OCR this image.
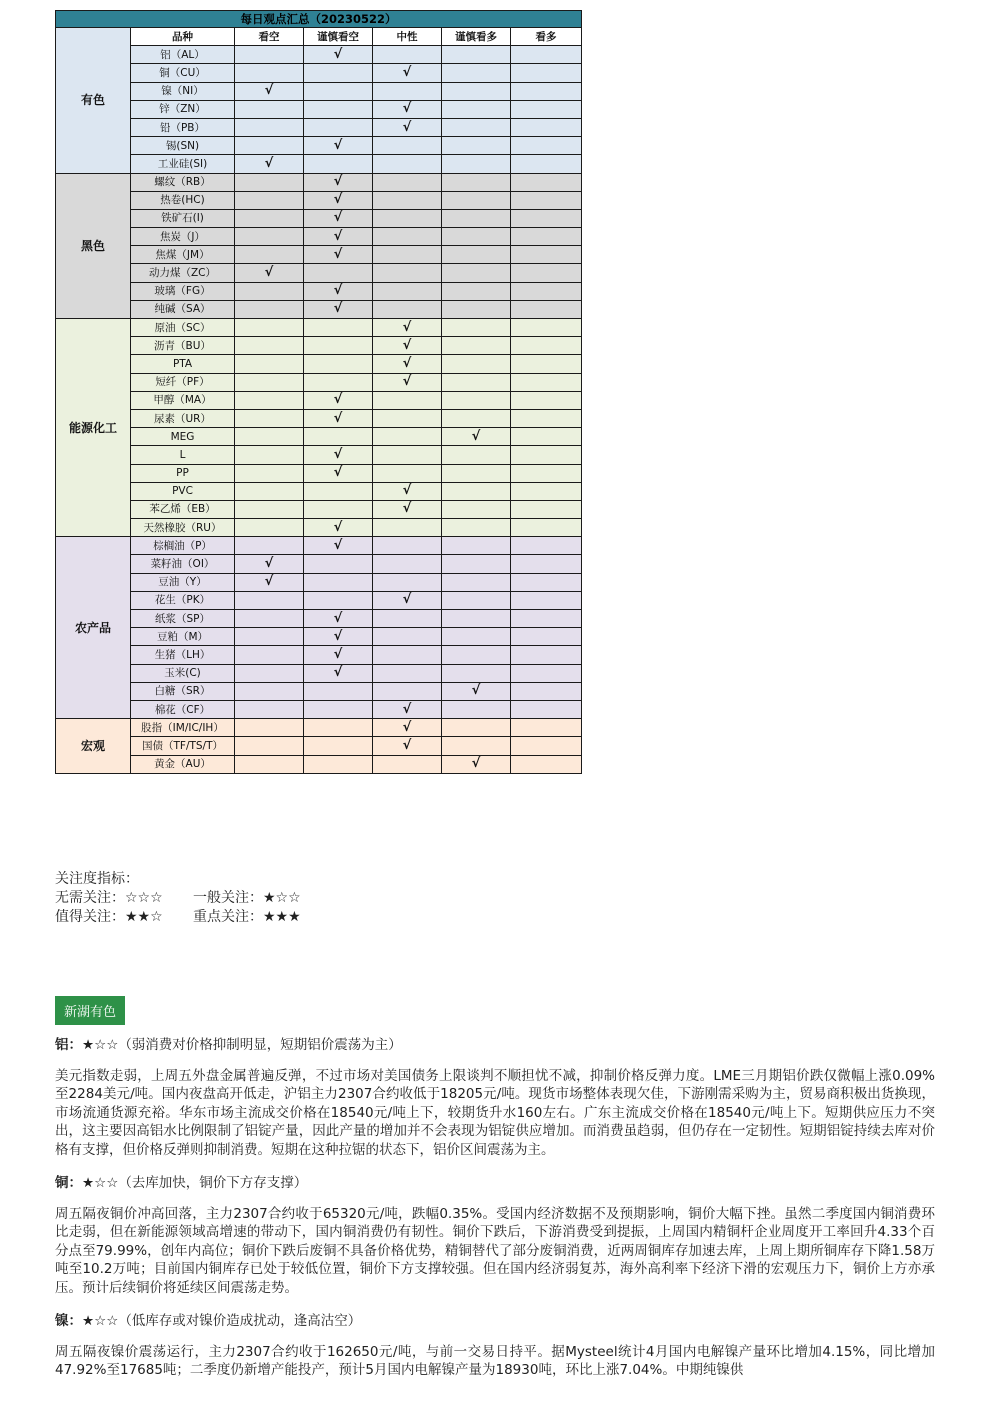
每日观点汇总（20230522）						
有色	品种	看空	谨慎看空	中性	谨慎看多	看多
	铝（AL）		√			
	铜（CU）			√		
	镍（NI）	√				
	锌（ZN）			√		
	铅（PB）			√		
	锡(SN)		√			
	工业硅(SI)	√				
黑色	螺纹（RB）		√			
	热卷(HC)		√			
	铁矿石(I)		√			
	焦炭（J）		√			
	焦煤（JM）		√			
	动力煤（ZC）	√				
	玻璃（FG）		√			
	纯碱（SA）		√			
能源化工	原油（SC）			√		
	沥青（BU）			√		
	PTA			√		
	短纤（PF）			√		
	甲醇（MA）		√			
	尿素（UR）		√			
	MEG				√	
	L		√			
	PP		√			
	PVC			√		
	苯乙烯（EB）			√		
	天然橡胶（RU）		√			
农产品	棕榈油（P）		√			
	菜籽油（OI）	√				
	豆油（Y）	√				
	花生（PK）			√		
	纸浆（SP）		√			
	豆粕（M）		√			
	生猪（LH）		√			
	玉米(C)		√			
	白糖（SR）				√	
	棉花（CF）			√		
宏观	股指（IM/IC/IH）			√		
	国债（TF/TS/T）			√		
	黄金（AU）				√	
关注度指标：
无需关注：☆☆☆ 一般关注：★☆☆
值得关注：★★☆ 重点关注：★★★
新湖有色

铝：★☆☆（弱消费对价格抑制明显，短期铝价震荡为主）

美元指数走弱，上周五外盘金属普遍反弹，不过市场对美国债务上限谈判不顺担忧不减，抑制价格反弹力度。LME三月期铝价跌仅微幅上涨0.09%至2284美元/吨。国内夜盘高开低走，沪铝主力2307合约收低于18205元/吨。现货市场整体表现欠佳，下游刚需采购为主，贸易商积极出货换现，市场流通货源充裕。华东市场主流成交价格在18540元/吨上下，较期货升水160左右。广东主流成交价格在18540元/吨上下。短期供应压力不突出，这主要因高铝水比例限制了铝锭产量，因此产量的增加并不会表现为铝锭供应增加。而消费虽趋弱，但仍存在一定韧性。短期铝锭持续去库对价格有支撑，但价格反弹则抑制消费。短期在这种拉锯的状态下，铝价区间震荡为主。

铜：★☆☆（去库加快，铜价下方存支撑）

周五隔夜铜价冲高回落，主力2307合约收于65320元/吨，跌幅0.35%。受国内经济数据不及预期影响，铜价大幅下挫。虽然二季度国内铜消费环比走弱，但在新能源领域高增速的带动下，国内铜消费仍有韧性。铜价下跌后，下游消费受到提振，上周国内精铜杆企业周度开工率回升4.33个百分点至79.99%，创年内高位；铜价下跌后废铜不具备价格优势，精铜替代了部分废铜消费，近两周铜库存加速去库，上周上期所铜库存下降1.58万吨至10.2万吨；目前国内铜库存已处于较低位置，铜价下方支撑较强。但在国内经济弱复苏，海外高利率下经济下滑的宏观压力下，铜价上方亦承压。预计后续铜价将延续区间震荡走势。

镍：★☆☆（低库存或对镍价造成扰动，逢高沽空）

周五隔夜镍价震荡运行，主力2307合约收于162650元/吨，与前一交易日持平。据Mysteel统计4月国内电解镍产量环比增加4.15%，同比增加47.92%至17685吨；二季度仍新增产能投产，预计5月国内电解镍产量为18930吨，环比上涨7.04%。中期纯镍供
